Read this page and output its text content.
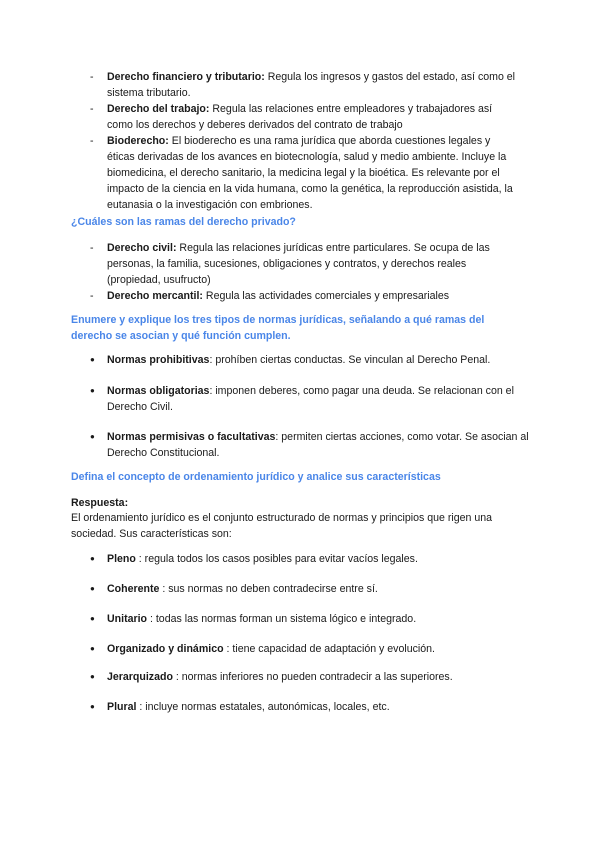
- Derecho financiero y tributario: Regula los ingresos y gastos del estado, así como el sistema tributario.
- Derecho del trabajo: Regula las relaciones entre empleadores y trabajadores así como los derechos y deberes derivados del contrato de trabajo
- Bioderecho: El bioderecho es una rama jurídica que aborda cuestiones legales y éticas derivadas de los avances en biotecnología, salud y medio ambiente. Incluye la biomedicina, el derecho sanitario, la medicina legal y la bioética. Es relevante por el impacto de la ciencia en la vida humana, como la genética, la reproducción asistida, la eutanasia o la investigación con embriones.

¿Cuáles son las ramas del derecho privado?

- Derecho civil: Regula las relaciones jurídicas entre particulares. Se ocupa de las personas, la familia, sucesiones, obligaciones y contratos, y derechos reales (propiedad, usufructo)
- Derecho mercantil: Regula las actividades comerciales y empresariales

Enumere y explique los tres tipos de normas jurídicas, señalando a qué ramas del derecho se asocian y qué función cumplen.

● Normas prohibitivas: prohíben ciertas conductas. Se vinculan al Derecho Penal.
● Normas obligatorias: imponen deberes, como pagar una deuda. Se relacionan con el Derecho Civil.
● Normas permisivas o facultativas: permiten ciertas acciones, como votar. Se asocian al Derecho Constitucional.

Defina el concepto de ordenamiento jurídico y analice sus características

Respuesta:

El ordenamiento jurídico es el conjunto estructurado de normas y principios que rigen una sociedad. Sus características son:

● Pleno : regula todos los casos posibles para evitar vacíos legales.
● Coherente : sus normas no deben contradecirse entre sí.
● Unitario : todas las normas forman un sistema lógico e integrado.
● Organizado y dinámico : tiene capacidad de adaptación y evolución.
● Jerarquizado : normas inferiores no pueden contradecir a las superiores.
● Plural : incluye normas estatales, autonómicas, locales, etc.
